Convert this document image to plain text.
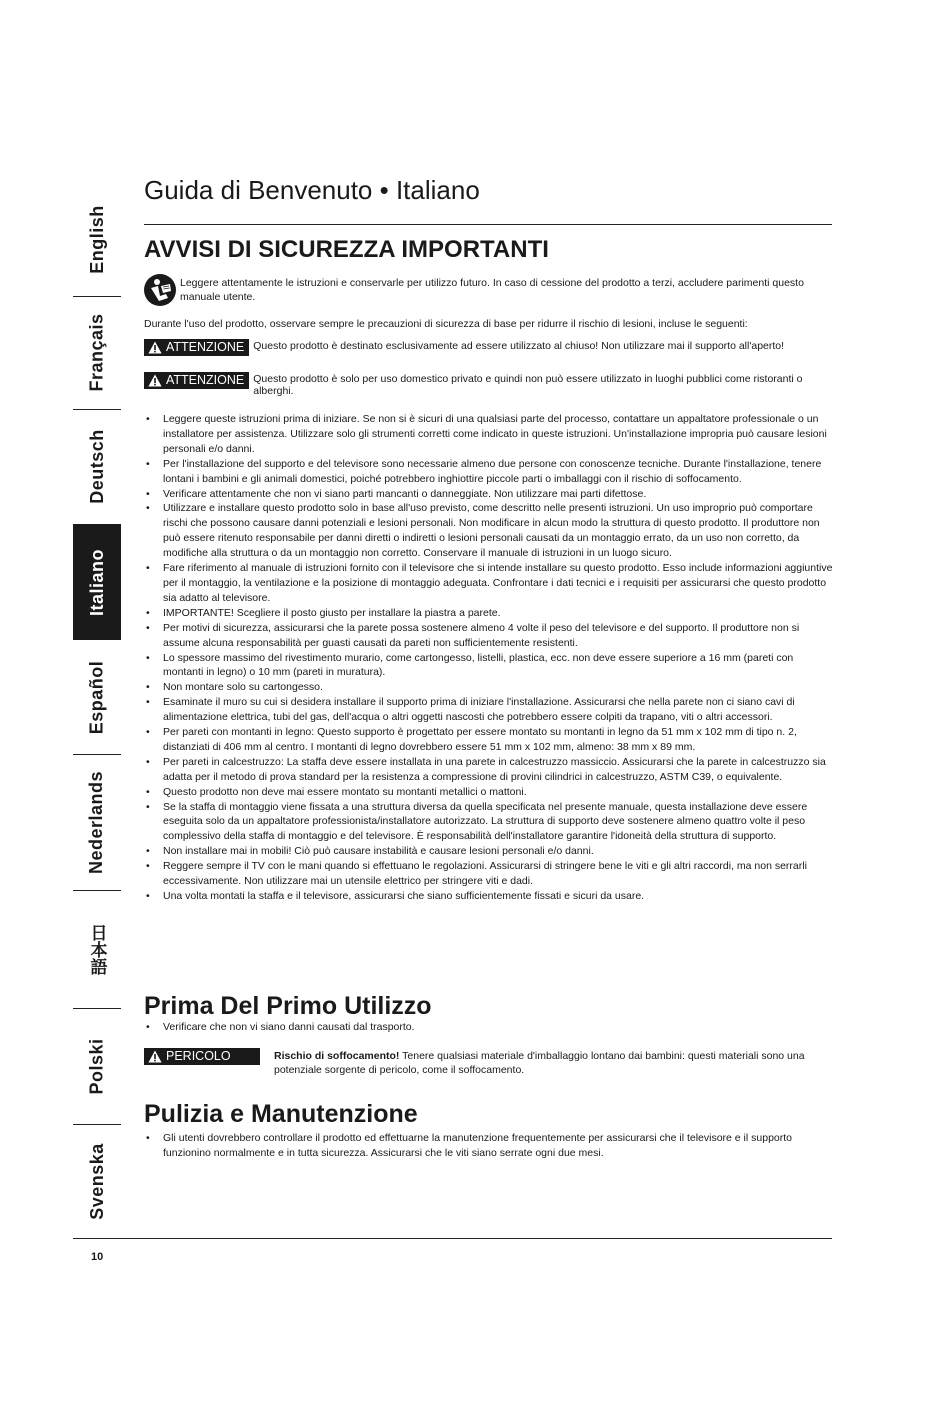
English
Français
Deutsch
Italiano
Español
Nederlands
日本語
Polski
Svenska
Guida di Benvenuto • Italiano
AVVISI DI SICUREZZA IMPORTANTI
Leggere attentamente le istruzioni e conservarle per utilizzo futuro. In caso di cessione del prodotto a terzi, accludere parimenti questo manuale utente.
Durante l'uso del prodotto, osservare sempre le precauzioni di sicurezza di base per ridurre il rischio di lesioni, incluse le seguenti:
ATTENZIONE Questo prodotto è destinato esclusivamente ad essere utilizzato al chiuso! Non utilizzare mai il supporto all'aperto!
ATTENZIONE Questo prodotto è solo per uso domestico privato e quindi non può essere utilizzato in luoghi pubblici come ristoranti o alberghi.
• Leggere queste istruzioni prima di iniziare. Se non si è sicuri di una qualsiasi parte del processo, contattare un appaltatore professionale o un installatore per assistenza. Utilizzare solo gli strumenti corretti come indicato in queste istruzioni. Un'installazione impropria può causare lesioni personali e/o danni.
• Per l'installazione del supporto e del televisore sono necessarie almeno due persone con conoscenze tecniche. Durante l'installazione, tenere lontani i bambini e gli animali domestici, poiché potrebbero inghiottire piccole parti o imballaggi con il rischio di soffocamento.
• Verificare attentamente che non vi siano parti mancanti o danneggiate. Non utilizzare mai parti difettose.
• Utilizzare e installare questo prodotto solo in base all'uso previsto, come descritto nelle presenti istruzioni. Un uso improprio può comportare rischi che possono causare danni potenziali e lesioni personali. Non modificare in alcun modo la struttura di questo prodotto. Il produttore non può essere ritenuto responsabile per danni diretti o indiretti o lesioni personali causati da un montaggio errato, da un uso non corretto, da modifiche alla struttura o da un montaggio non corretto. Conservare il manuale di istruzioni in un luogo sicuro.
• Fare riferimento al manuale di istruzioni fornito con il televisore che si intende installare su questo prodotto. Esso include informazioni aggiuntive per il montaggio, la ventilazione e la posizione di montaggio adeguata. Confrontare i dati tecnici e i requisiti per assicurarsi che questo prodotto sia adatto al televisore.
• IMPORTANTE! Scegliere il posto giusto per installare la piastra a parete.
• Per motivi di sicurezza, assicurarsi che la parete possa sostenere almeno 4 volte il peso del televisore e del supporto. Il produttore non si assume alcuna responsabilità per guasti causati da pareti non sufficientemente resistenti.
• Lo spessore massimo del rivestimento murario, come cartongesso, listelli, plastica, ecc. non deve essere superiore a 16 mm (pareti con montanti in legno) o 10 mm (pareti in muratura).
• Non montare solo su cartongesso.
• Esaminate il muro su cui si desidera installare il supporto prima di iniziare l'installazione. Assicurarsi che nella parete non ci siano cavi di alimentazione elettrica, tubi del gas, dell'acqua o altri oggetti nascosti che potrebbero essere colpiti da trapano, viti o altri accessori.
• Per pareti con montanti in legno: Questo supporto è progettato per essere montato su montanti in legno da 51 mm x 102 mm di tipo n. 2, distanziati di 406 mm al centro. I montanti di legno dovrebbero essere 51 mm x 102 mm, almeno: 38 mm x 89 mm.
• Per pareti in calcestruzzo: La staffa deve essere installata in una parete in calcestruzzo massiccio. Assicurarsi che la parete in calcestruzzo sia adatta per il metodo di prova standard per la resistenza a compressione di provini cilindrici in calcestruzzo, ASTM C39, o equivalente.
• Questo prodotto non deve mai essere montato su montanti metallici o mattoni.
• Se la staffa di montaggio viene fissata a una struttura diversa da quella specificata nel presente manuale, questa installazione deve essere eseguita solo da un appaltatore professionista/installatore autorizzato. La struttura di supporto deve sostenere almeno quattro volte il peso complessivo della staffa di montaggio e del televisore. È responsabilità dell'installatore garantire l'idoneità della struttura di supporto.
• Non installare mai in mobili! Ciò può causare instabilità e causare lesioni personali e/o danni.
• Reggere sempre il TV con le mani quando si effettuano le regolazioni. Assicurarsi di stringere bene le viti e gli altri raccordi, ma non serrarli eccessivamente. Non utilizzare mai un utensile elettrico per stringere viti e dadi.
• Una volta montati la staffa e il televisore, assicurarsi che siano sufficientemente fissati e sicuri da usare.
Prima Del Primo Utilizzo
• Verificare che non vi siano danni causati dal trasporto.
PERICOLO	Rischio di soffocamento! Tenere qualsiasi materiale d'imballaggio lontano dai bambini: questi materiali sono una potenziale sorgente di pericolo, come il soffocamento.
Pulizia e Manutenzione
• Gli utenti dovrebbero controllare il prodotto ed effettuarne la manutenzione frequentemente per assicurarsi che il televisore e il supporto funzionino normalmente e in tutta sicurezza. Assicurarsi che le viti siano serrate ogni due mesi.
10
